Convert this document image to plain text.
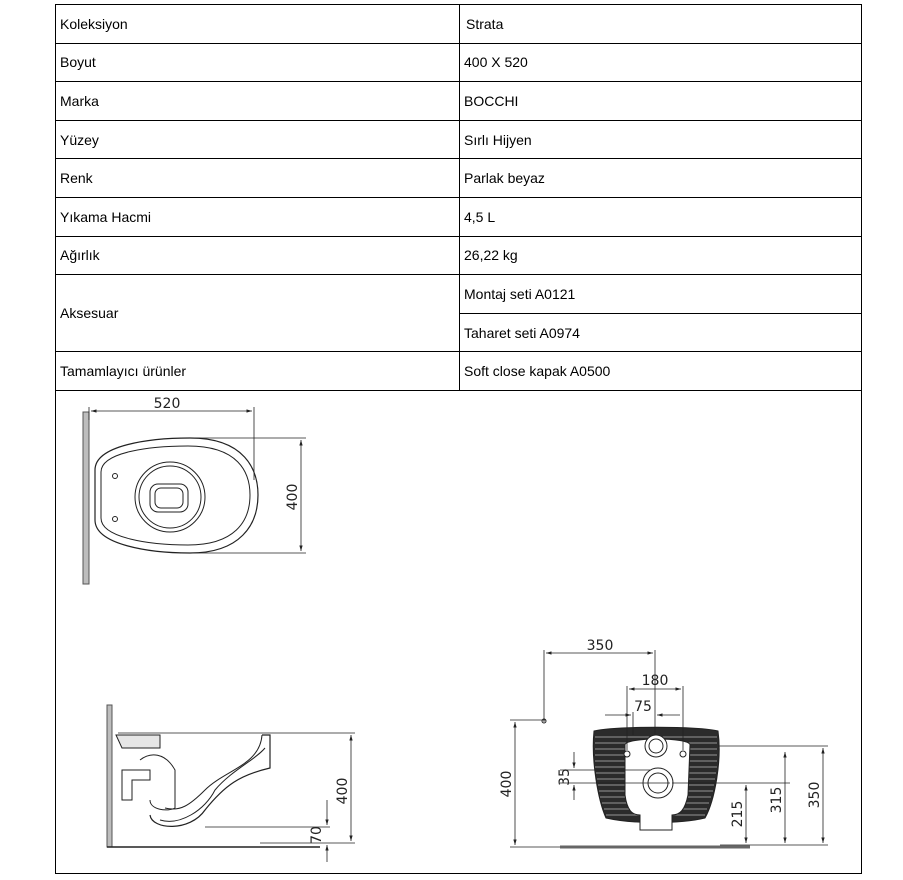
Koleksiyon	Strata
Boyut	400 X 520
Marka	BOCCHI
Yüzey	Sırlı Hijyen
Renk	Parlak beyaz
Yıkama Hacmi	4,5 L
Ağırlık	26,22 kg
Aksesuar	Montaj seti A0121
	Taharet seti A0974
Tamamlayıcı ürünler	Soft close kapak A0500
520
400
400
70
350
180
75
400	35
215
315 350
